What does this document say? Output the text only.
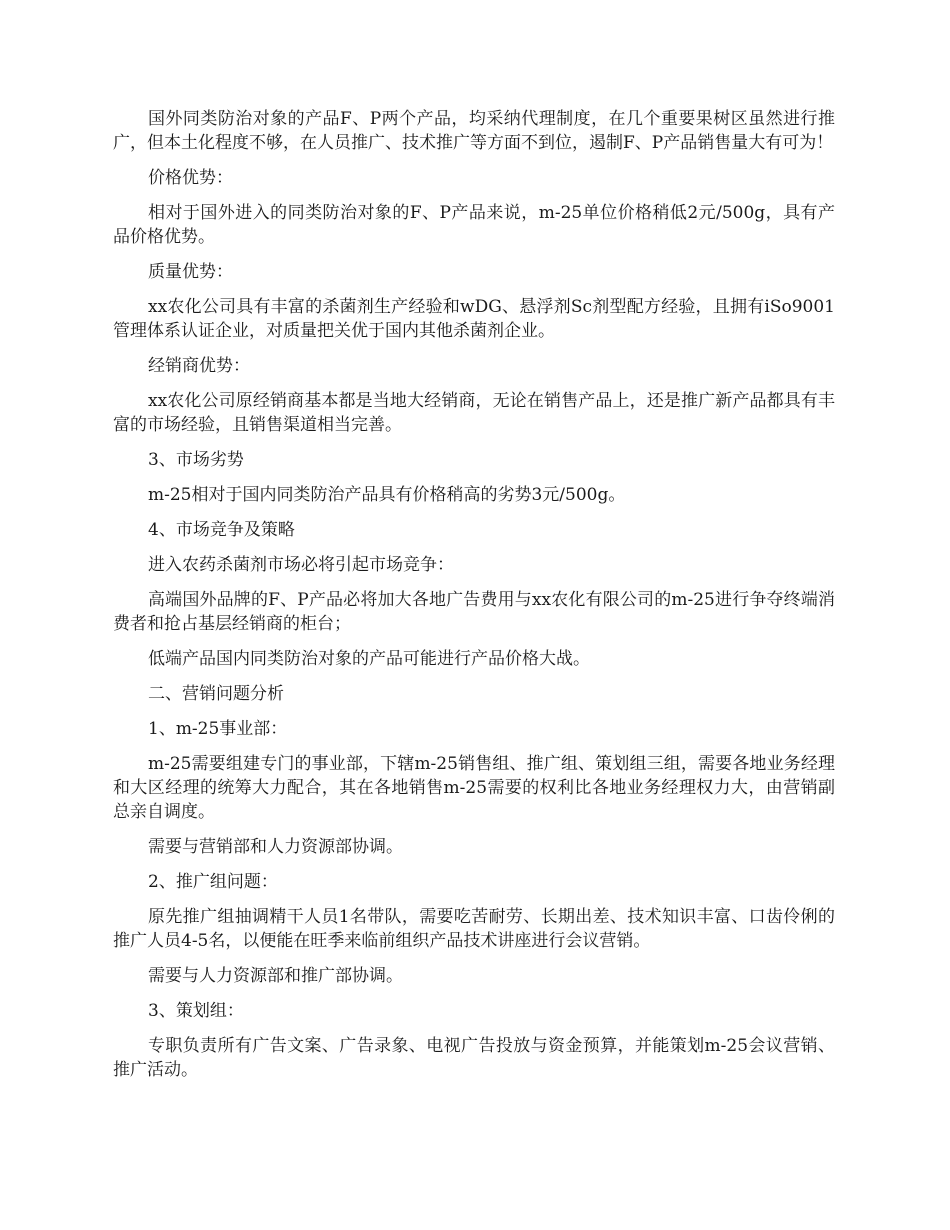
国外同类防治对象的产品F、P两个产品，均采纳代理制度，在几个重要果树区虽然进行推广，但本土化程度不够，在人员推广、技术推广等方面不到位，遏制F、P产品销售量大有可为！

价格优势：

相对于国外进入的同类防治对象的F、P产品来说，m-25单位价格稍低2元/500g，具有产品价格优势。

质量优势：

xx农化公司具有丰富的杀菌剂生产经验和wDG、悬浮剂Sc剂型配方经验，且拥有iSo9001管理体系认证企业，对质量把关优于国内其他杀菌剂企业。

经销商优势：

xx农化公司原经销商基本都是当地大经销商，无论在销售产品上，还是推广新产品都具有丰富的市场经验，且销售渠道相当完善。

3、市场劣势

m-25相对于国内同类防治产品具有价格稍高的劣势3元/500g。

4、市场竞争及策略

进入农药杀菌剂市场必将引起市场竞争：

高端国外品牌的F、P产品必将加大各地广告费用与xx农化有限公司的m-25进行争夺终端消费者和抢占基层经销商的柜台；

低端产品国内同类防治对象的产品可能进行产品价格大战。

二、营销问题分析

1、m-25事业部：

m-25需要组建专门的事业部，下辖m-25销售组、推广组、策划组三组，需要各地业务经理和大区经理的统筹大力配合，其在各地销售m-25需要的权利比各地业务经理权力大，由营销副总亲自调度。

需要与营销部和人力资源部协调。

2、推广组问题：

原先推广组抽调精干人员1名带队，需要吃苦耐劳、长期出差、技术知识丰富、口齿伶俐的推广人员4-5名，以便能在旺季来临前组织产品技术讲座进行会议营销。

需要与人力资源部和推广部协调。

3、策划组：

专职负责所有广告文案、广告录象、电视广告投放与资金预算，并能策划m-25会议营销、推广活动。
